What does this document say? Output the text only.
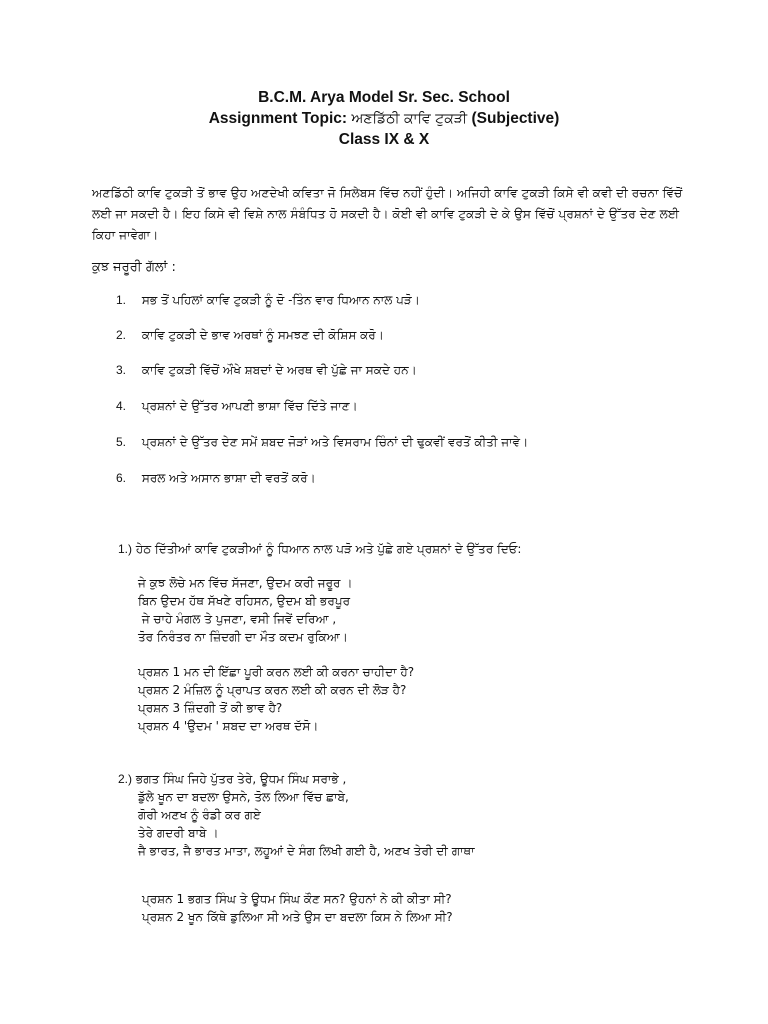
B.C.M. Arya Model Sr. Sec. School
Assignment Topic: ਅਣਡਿੱਠੀ ਕਾਵਿ ਟੁਕੜੀ (Subjective)
Class IX & X

ਅਣਡਿੱਠੀ ਕਾਵਿ ਟੁਕੜੀ ਤੋਂ ਭਾਵ ਉਹ ਅਣਦੇਖੀ ਕਵਿਤਾ ਜੋ ਸਿਲੇਬਸ ਵਿੱਚ ਨਹੀਂ ਹੁੰਦੀ। ਅਜਿਹੀ ਕਾਵਿ ਟੁਕੜੀ ਕਿਸੇ ਵੀ ਕਵੀ ਦੀ ਰਚਨਾ ਵਿੱਚੋਂ ਲਈ ਜਾ ਸਕਦੀ ਹੈ। ਇਹ ਕਿਸੇ ਵੀ ਵਿਸ਼ੇ ਨਾਲ ਸੰਬੰਧਿਤ ਹੋ ਸਕਦੀ ਹੈ। ਕੋਈ ਵੀ ਕਾਵਿ ਟੁਕੜੀ ਦੇ ਕੇ ਉਸ ਵਿੱਚੋਂ ਪ੍ਰਸ਼ਨਾਂ ਦੇ ਉੱਤਰ ਦੇਣ ਲਈ ਕਿਹਾ ਜਾਵੇਗਾ।

ਕੁਝ ਜਰੂਰੀ ਗੱਲਾਂ :

1. ਸਭ ਤੋਂ ਪਹਿਲਾਂ ਕਾਵਿ ਟੁਕੜੀ ਨੂੰ ਦੋ -ਤਿੰਨ ਵਾਰ ਧਿਆਨ ਨਾਲ ਪੜੋ।
2. ਕਾਵਿ ਟੁਕੜੀ ਦੇ ਭਾਵ ਅਰਥਾਂ ਨੂੰ ਸਮਝਣ ਦੀ ਕੋਸ਼ਿਸ ਕਰੋ।
3. ਕਾਵਿ ਟੁਕੜੀ ਵਿੱਚੋਂ ਔਖੇ ਸ਼ਬਦਾਂ ਦੇ ਅਰਥ ਵੀ ਪੁੱਛੇ ਜਾ ਸਕਦੇ ਹਨ।
4. ਪ੍ਰਸ਼ਨਾਂ ਦੇ ਉੱਤਰ ਆਪਣੀ ਭਾਸ਼ਾ ਵਿੱਚ ਦਿੱਤੇ ਜਾਣ।
5. ਪ੍ਰਸ਼ਨਾਂ ਦੇ ਉੱਤਰ ਦੇਣ ਸਮੇਂ ਸ਼ਬਦ ਜੋੜਾਂ ਅਤੇ ਵਿਸਰਾਮ ਚਿੰਨਾਂ ਦੀ ਢੁਕਵੀਂ ਵਰਤੋਂ ਕੀਤੀ ਜਾਵੇ।
6. ਸਰਲ ਅਤੇ ਅਸਾਨ ਭਾਸ਼ਾ ਦੀ ਵਰਤੋਂ ਕਰੋ।
1.) ਹੇਠ ਦਿੱਤੀਆਂ ਕਾਵਿ ਟੁਕੜੀਆਂ ਨੂੰ ਧਿਆਨ ਨਾਲ ਪੜੋ ਅਤੇ ਪੁੱਛੇ ਗਏ ਪ੍ਰਸ਼ਨਾਂ ਦੇ ਉੱਤਰ ਦਿਓ:
ਜੇ ਕੁਝ ਲੋਚੇ ਮਨ ਵਿੱਚ ਸੱਜਣਾ, ਉਦਮ ਕਰੀ ਜਰੂਰ ।
ਬਿਨ ਉਦਮ ਹੱਥ ਸੱਖਣੇ ਰਹਿਸਨ, ਉਦਮ ਬੀ ਭਰਪੂਰ
ਜੇ ਚਾਹੇ ਮੰਗਲ ਤੇ ਪੁਜਣਾ, ਵਸੀ ਜਿਵੇਂ ਦਰਿਆ ,
ਤੋਰ ਨਿਰੰਤਰ ਨਾ ਜ਼ਿੰਦਗੀ ਦਾ ਮੌਤ ਕਦਮ ਰੁਕਿਆ।
ਪ੍ਰਸ਼ਨ 1 ਮਨ ਦੀ ਇੱਛਾ ਪੂਰੀ ਕਰਨ ਲਈ ਕੀ ਕਰਨਾ ਚਾਹੀਦਾ ਹੈ?
ਪ੍ਰਸ਼ਨ 2 ਮੰਜ਼ਿਲ ਨੂੰ ਪ੍ਰਾਪਤ ਕਰਨ ਲਈ ਕੀ ਕਰਨ ਦੀ ਲੋੜ ਹੈ?
ਪ੍ਰਸ਼ਨ 3 ਜ਼ਿੰਦਗੀ ਤੋਂ ਕੀ ਭਾਵ ਹੈ?
ਪ੍ਰਸ਼ਨ 4 'ਉਦਮ ' ਸ਼ਬਦ ਦਾ ਅਰਥ ਦੱਸੋ।
2.) ਭਗਤ ਸਿੰਘ ਜਿਹੇ ਪੁੱਤਰ ਤੇਰੇ, ਊਧਮ ਸਿੰਘ ਸਰਾਭੇ ,
ਡੁੱਲੇ ਖੂਨ ਦਾ ਬਦਲਾ ਉਸਨੇ, ਤੋਲ ਲਿਆ ਵਿੱਚ ਛਾਬੇ,
ਗੋਰੀ ਅਣਖ ਨੂੰ ਰੰਡੀ ਕਰ ਗਏ
ਤੇਰੇ ਗਦਰੀ ਬਾਬੇ ।
ਜੈ ਭਾਰਤ, ਜੈ ਭਾਰਤ ਮਾਤਾ, ਲਹੂਆਂ ਦੇ ਸੰਗ ਲਿਖੀ ਗਈ ਹੈ, ਅਣਖ ਤੇਰੀ ਦੀ ਗਾਥਾ
ਪ੍ਰਸ਼ਨ 1 ਭਗਤ ਸਿੰਘ ਤੇ ਊਧਮ ਸਿੰਘ ਕੌਣ ਸਨ? ਉਹਨਾਂ ਨੇ ਕੀ ਕੀਤਾ ਸੀ?
ਪ੍ਰਸ਼ਨ 2 ਖੂਨ ਕਿੱਥੇ ਡੁਲਿਆ ਸੀ ਅਤੇ ਉਸ ਦਾ ਬਦਲਾ ਕਿਸ ਨੇ ਲਿਆ ਸੀ?
